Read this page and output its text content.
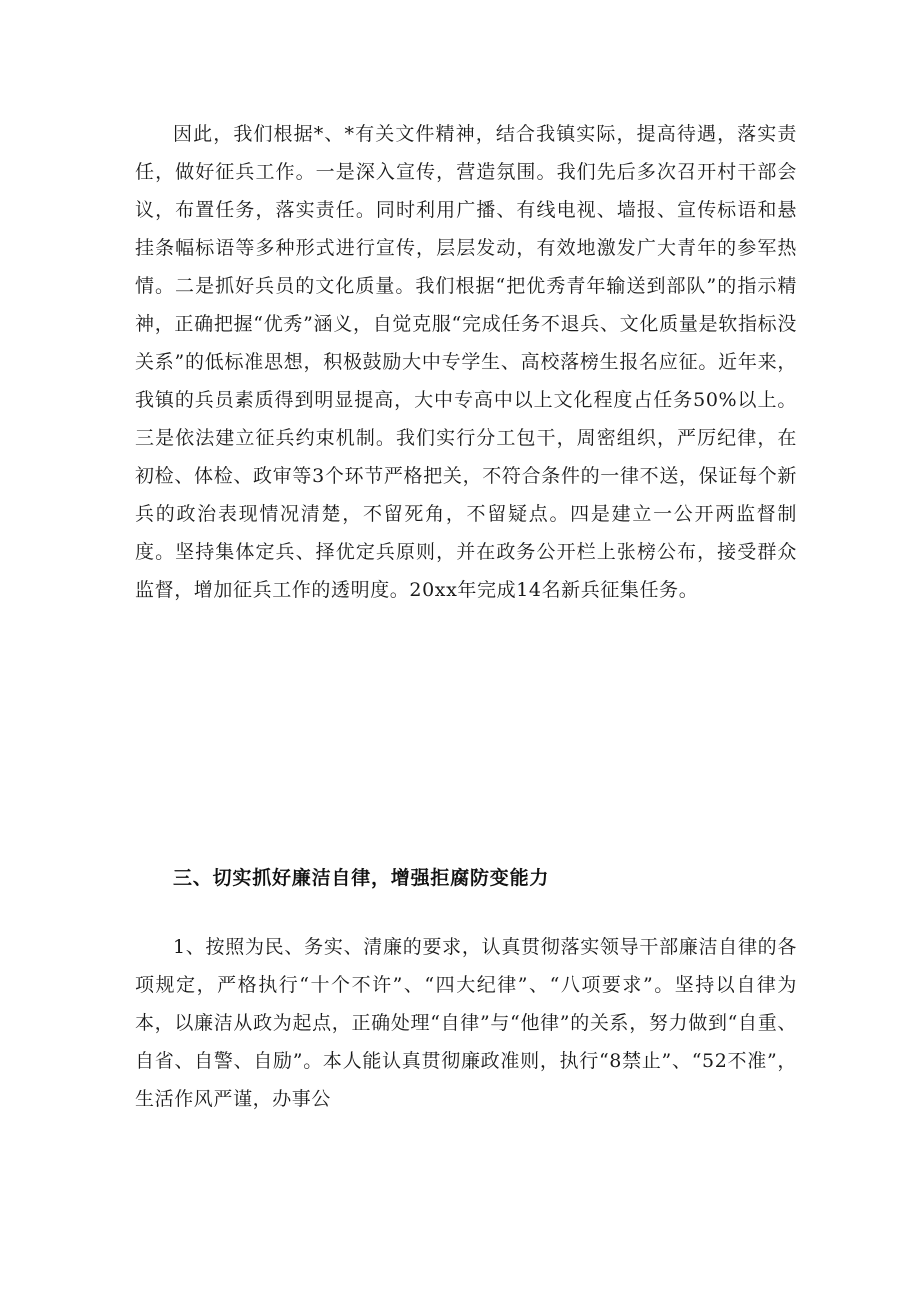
因此，我们根据*、*有关文件精神，结合我镇实际，提高待遇，落实责任，做好征兵工作。一是深入宣传，营造氛围。我们先后多次召开村干部会议，布置任务，落实责任。同时利用广播、有线电视、墙报、宣传标语和悬挂条幅标语等多种形式进行宣传，层层发动，有效地激发广大青年的参军热情。二是抓好兵员的文化质量。我们根据“把优秀青年输送到部队”的指示精神，正确把握“优秀”涵义，自觉克服“完成任务不退兵、文化质量是软指标没关系”的低标准思想，积极鼓励大中专学生、高校落榜生报名应征。近年来，我镇的兵员素质得到明显提高，大中专高中以上文化程度占任务50%以上。三是依法建立征兵约束机制。我们实行分工包干，周密组织，严厉纪律，在初检、体检、政审等3个环节严格把关，不符合条件的一律不送，保证每个新兵的政治表现情况清楚，不留死角，不留疑点。四是建立一公开两监督制度。坚持集体定兵、择优定兵原则，并在政务公开栏上张榜公布，接受群众监督，增加征兵工作的透明度。20xx年完成14名新兵征集任务。

三、切实抓好廉洁自律，增强拒腐防变能力

1、按照为民、务实、清廉的要求，认真贯彻落实领导干部廉洁自律的各项规定，严格执行“十个不许”、“四大纪律”、“八项要求”。坚持以自律为本，以廉洁从政为起点，正确处理“自律”与“他律”的关系，努力做到“自重、自省、自警、自励”。本人能认真贯彻廉政准则，执行“8禁止”、“52不准”，生活作风严谨，办事公
